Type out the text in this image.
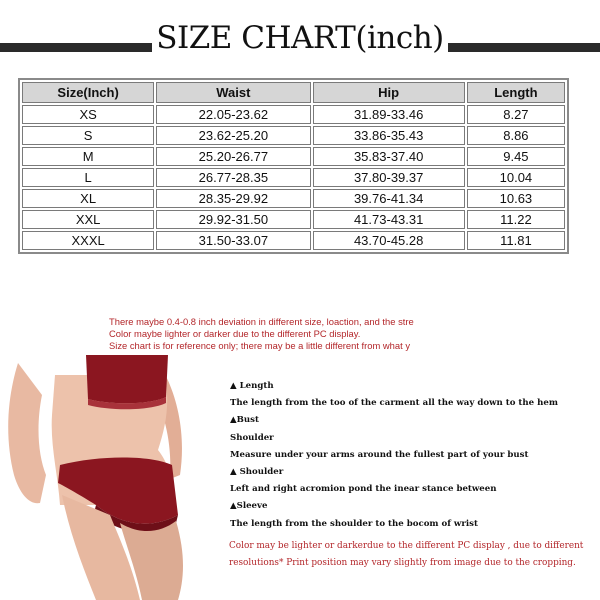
SIZE CHART(inch)
Size(Inch)	Waist	Hip	Length
XS	22.05-23.62	31.89-33.46	8.27
S	23.62-25.20	33.86-35.43	8.86
M	25.20-26.77	35.83-37.40	9.45
L	26.77-28.35	37.80-39.37	10.04
XL	28.35-29.92	39.76-41.34	10.63
XXL	29.92-31.50	41.73-43.31	11.22
XXXL	31.50-33.07	43.70-45.28	11.81
There maybe 0.4-0.8 inch deviation in different size, loaction, and the stre
Color maybe lighter or darker due to the different PC display.
Size chart is for reference only; there may be a little different from what y
▲ Length
The length from the too of the carment all the way down to the hem
▲Bust
Shoulder
Measure under your arms around the fullest part of your bust
▲ Shoulder
Left and right acromion pond the inear stance between
▲Sleeve
The length from the shoulder to the bocom of wrist
Color may be lighter or darkerdue to the different PC display , due to different
resolutions* Print position may vary slightly from image due to the cropping.
